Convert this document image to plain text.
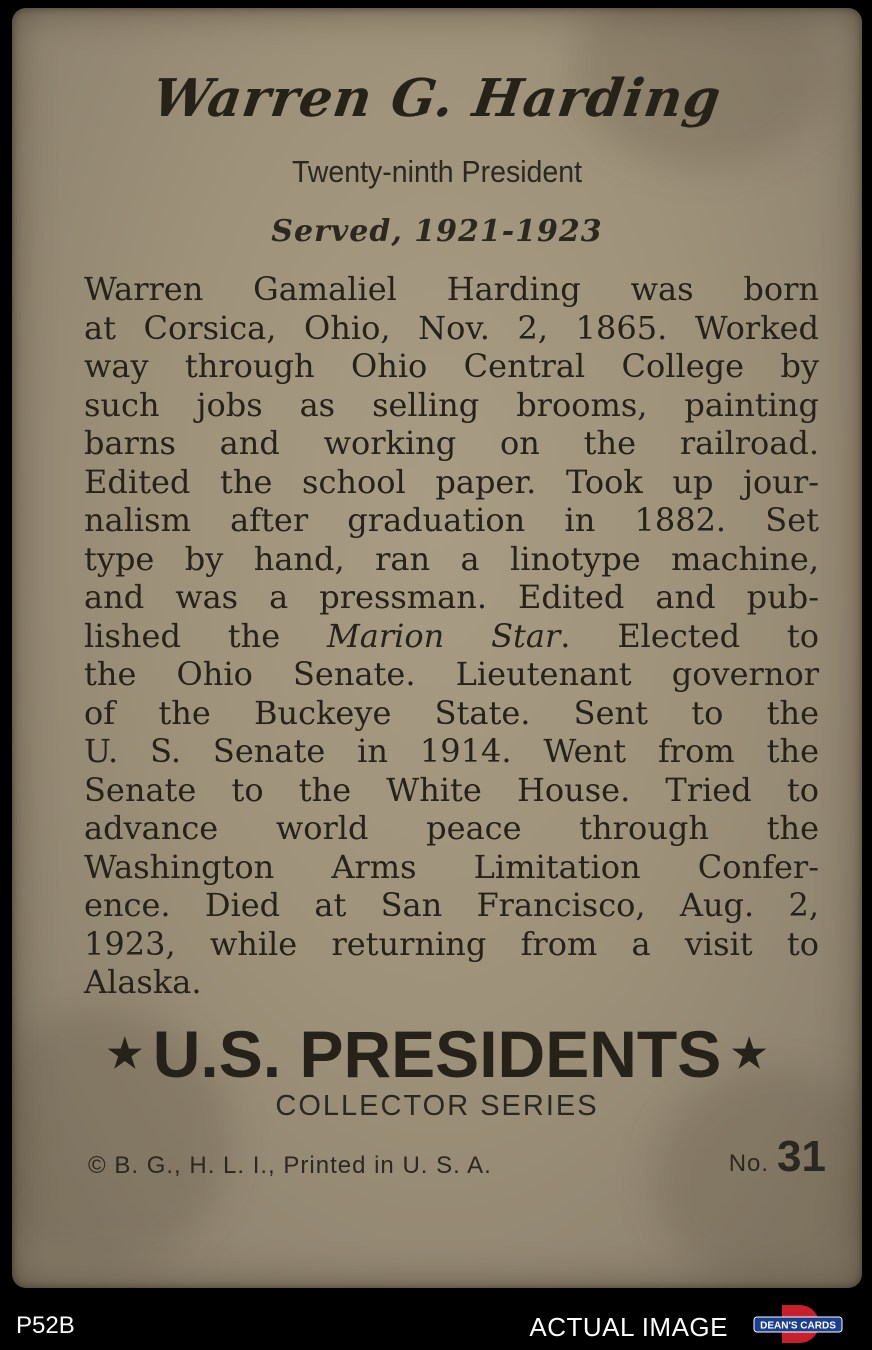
Warren G. Harding
Twenty-ninth President
Served, 1921-1923
Warren Gamaliel Harding was born
at Corsica, Ohio, Nov. 2, 1865. Worked
way through Ohio Central College by
such jobs as selling brooms, painting
barns and working on the railroad.
Edited the school paper. Took up jour-
nalism after graduation in 1882. Set
type by hand, ran a linotype machine,
and was a pressman. Edited and pub-
lished the Marion Star. Elected to
the Ohio Senate. Lieutenant governor
of the Buckeye State. Sent to the
U. S. Senate in 1914. Went from the
Senate to the White House. Tried to
advance world peace through the
Washington Arms Limitation Confer-
ence. Died at San Francisco, Aug. 2,
1923, while returning from a visit to
Alaska.
★ U.S. PRESIDENTS ★
COLLECTOR SERIES
© B. G., H. L. I., Printed in U. S. A.	No. 31
P52B	ACTUAL IMAGE	DEAN'S CARDS
